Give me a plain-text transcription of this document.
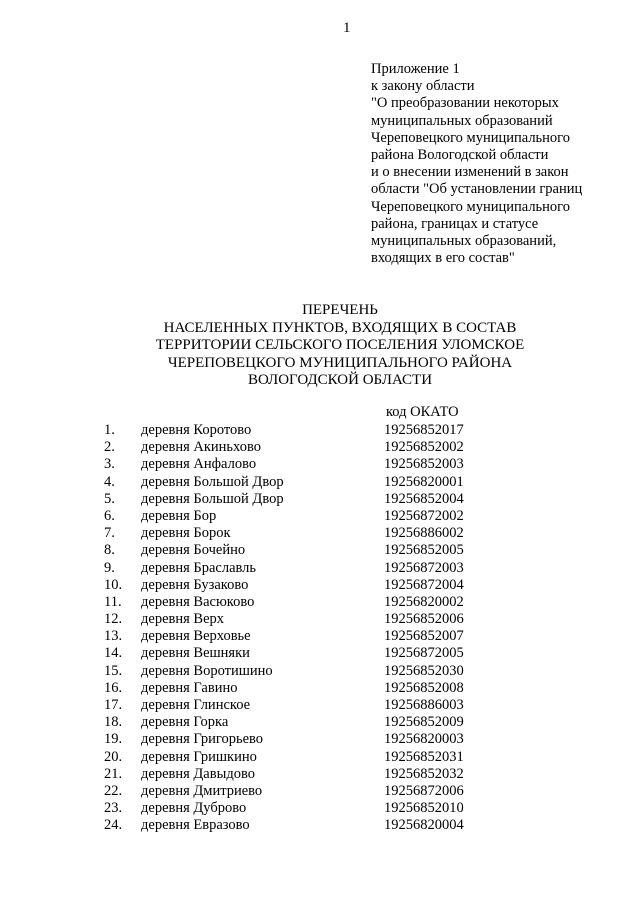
1
Приложение 1
к закону области
"О преобразовании некоторых
муниципальных образований
Череповецкого муниципального
района Вологодской области
и о внесении изменений в закон
области "Об установлении границ
Череповецкого муниципального
района, границах и статусе
муниципальных образований,
входящих в его состав"
ПЕРЕЧЕНЬ
НАСЕЛЕННЫХ ПУНКТОВ, ВХОДЯЩИХ В СОСТАВ
ТЕРРИТОРИИ СЕЛЬСКОГО ПОСЕЛЕНИЯ УЛОМСКОЕ
ЧЕРЕПОВЕЦКОГО МУНИЦИПАЛЬНОГО РАЙОНА
ВОЛОГОДСКОЙ ОБЛАСТИ
код ОКАТО
1. деревня Коротово	19256852017
2. деревня Акиньхово	19256852002
3. деревня Анфалово	19256852003
4. деревня Большой Двор	19256820001
5. деревня Большой Двор	19256852004
6. деревня Бор	19256872002
7. деревня Борок	19256886002
8. деревня Бочейно	19256852005
9. деревня Браславль	19256872003
10. деревня Бузаково	19256872004
11. деревня Васюково	19256820002
12. деревня Верх	19256852006
13. деревня Верховье	19256852007
14. деревня Вешняки	19256872005
15. деревня Воротишино	19256852030
16. деревня Гавино	19256852008
17. деревня Глинское	19256886003
18. деревня Горка	19256852009
19. деревня Григорьево	19256820003
20. деревня Гришкино	19256852031
21. деревня Давыдово	19256852032
22. деревня Дмитриево	19256872006
23. деревня Дуброво	19256852010
24. деревня Евразово	19256820004
